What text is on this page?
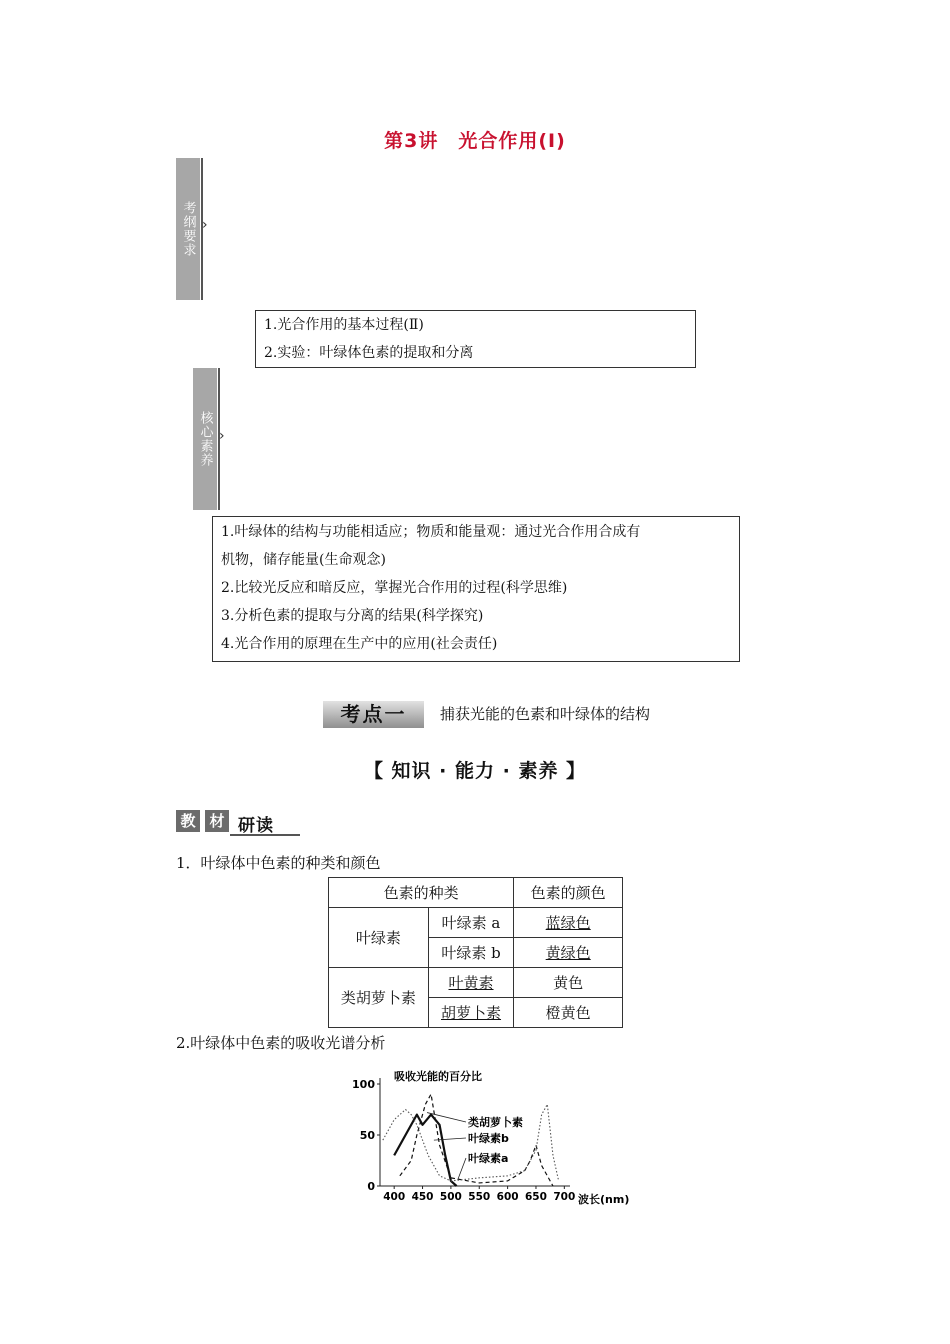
第3讲　光合作用(Ⅰ)
考纲要求 ›
1.光合作用的基本过程(Ⅱ)
2.实验：叶绿体色素的提取和分离
核心素养 ›
1.叶绿体的结构与功能相适应；物质和能量观：通过光合作用合成有
机物，储存能量(生命观念)
2.比较光反应和暗反应，掌握光合作用的过程(科学思维)
3.分析色素的提取与分离的结果(科学探究)
4.光合作用的原理在生产中的应用(社会责任)
考点一	捕获光能的色素和叶绿体的结构
【 知识 · 能力 · 素养 】
教 材 研读
1．叶绿体中色素的种类和颜色
色素的种类		色素的颜色
叶绿素	叶绿素 a	蓝绿色
	叶绿素 b	黄绿色
类胡萝卜素	叶黄素	黄色
	胡萝卜素	橙黄色
2.叶绿体中色素的吸收光谱分析
吸收光能的百分比
0
50
100
400 450 500 550 600 650 700 波长(nm)
类胡萝卜素
叶绿素b
叶绿素a
